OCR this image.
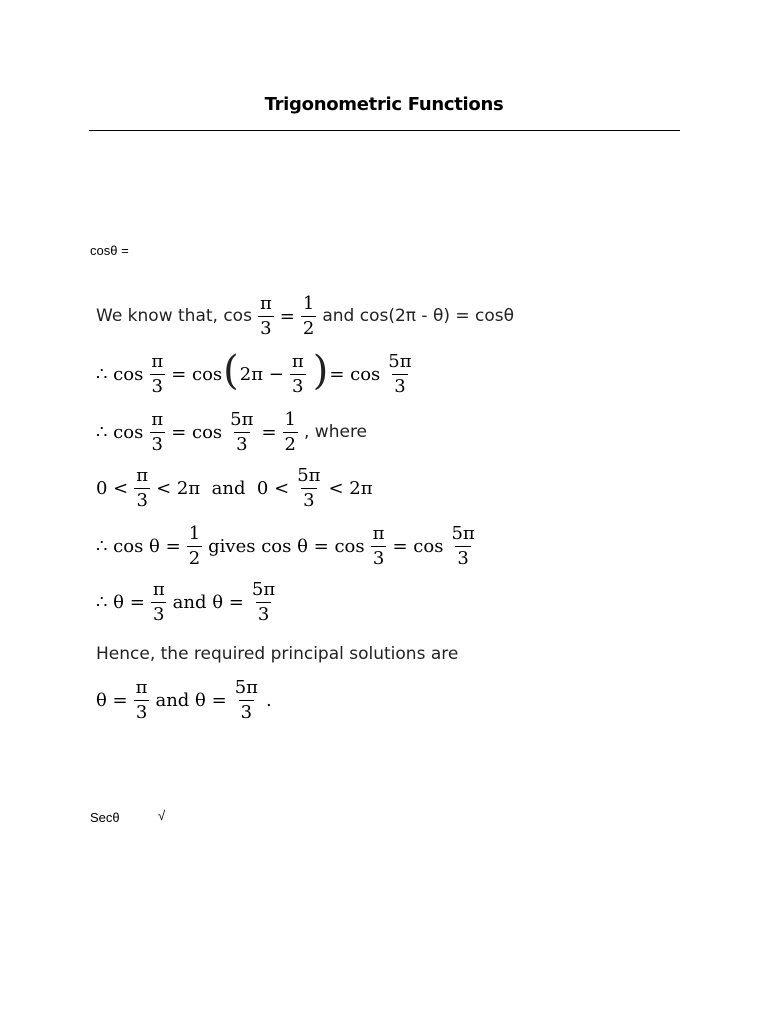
Trigonometric Functions
cosθ =
We know that, $\cos \frac{\pi}{3} = \frac{1}{2}$ and cos(2π - θ) = cosθ
∴ $\cos \frac{\pi}{3} = \cos$ ( $2\pi - \frac{\pi}{3}$ ) = $\cos \frac{5\pi}{3}$
∴ $\cos \frac{\pi}{3} = \cos \frac{5\pi}{3} = \frac{1}{2}$ , where
$0 < \frac{\pi}{3} < 2\pi$  and  $0 < \frac{5\pi}{3} < 2\pi$
∴ $\cos \theta = \frac{1}{2}$ gives $\cos \theta = \cos \frac{\pi}{3} = \cos \frac{5\pi}{3}$
∴ $\theta = \frac{\pi}{3}$ and $\theta = \frac{5\pi}{3}$
Hence, the required principal solutions are
$\theta = \frac{\pi}{3}$ and $\theta = \frac{5\pi}{3}$ .
Secθ	√
